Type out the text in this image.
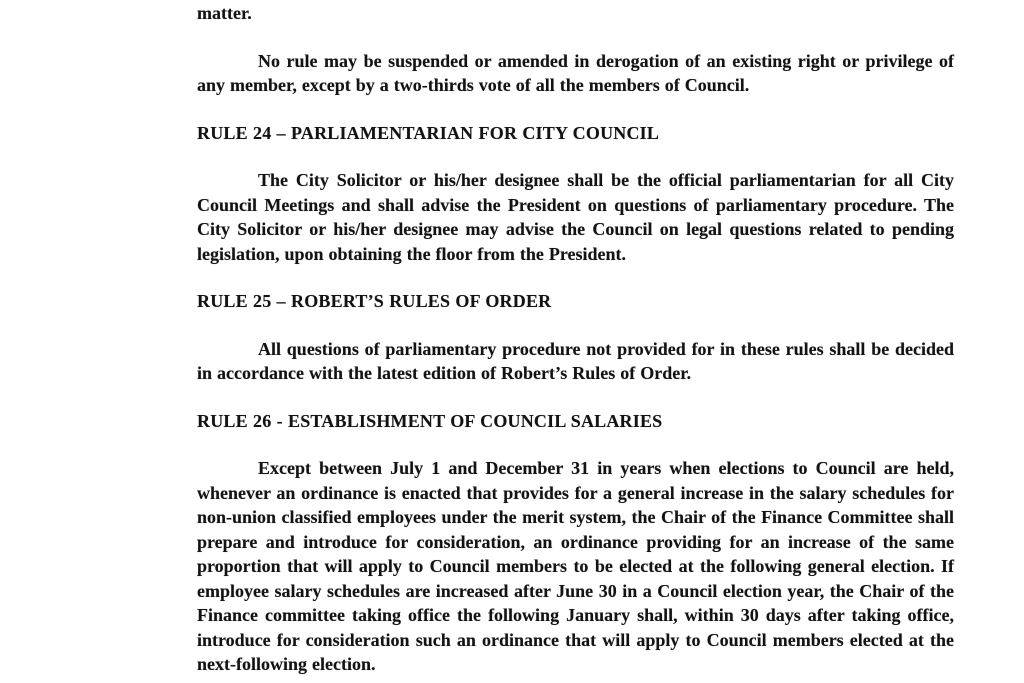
matter.

No rule may be suspended or amended in derogation of an existing right or privilege of any member, except by a two-thirds vote of all the members of Council.

RULE 24 – PARLIAMENTARIAN FOR CITY COUNCIL

The City Solicitor or his/her designee shall be the official parliamentarian for all City Council Meetings and shall advise the President on questions of parliamentary procedure. The City Solicitor or his/her designee may advise the Council on legal questions related to pending legislation, upon obtaining the floor from the President.

RULE 25 – ROBERT’S RULES OF ORDER

All questions of parliamentary procedure not provided for in these rules shall be decided in accordance with the latest edition of Robert’s Rules of Order.

RULE 26 - ESTABLISHMENT OF COUNCIL SALARIES

Except between July 1 and December 31 in years when elections to Council are held, whenever an ordinance is enacted that provides for a general increase in the salary schedules for non-union classified employees under the merit system, the Chair of the Finance Committee shall prepare and introduce for consideration, an ordinance providing for an increase of the same proportion that will apply to Council members to be elected at the following general election. If employee salary schedules are increased after June 30 in a Council election year, the Chair of the Finance committee taking office the following January shall, within 30 days after taking office, introduce for consideration such an ordinance that will apply to Council members elected at the next-following election.
